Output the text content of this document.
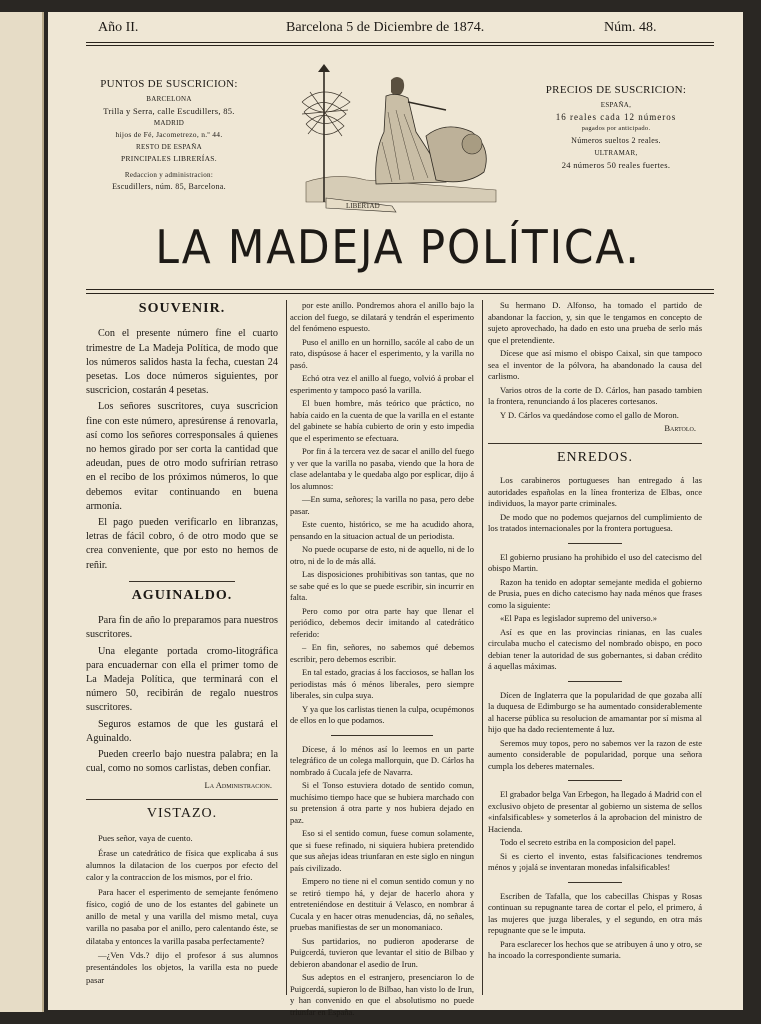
Año II.	Barcelona 5 de Diciembre de 1874.	Núm. 48.
PUNTOS DE SUSCRICION:
BARCELONA
Trilla y Serra, calle Escudillers, 85.
MADRID
hijos de Fé, Jacometrezo, n.º 44.
RESTO DE ESPAÑA
PRINCIPALES LIBRERÍAS.
Redaccion y administracion:
Escudillers, núm. 85, Barcelona.
LIBERTAD
PRECIOS DE SUSCRICION:
ESPAÑA,
16 reales cada 12 números
pagados por anticipado.
Números sueltos 2 reales.
ULTRAMAR,
24 números 50 reales fuertes.
LA MADEJA POLÍTICA.
SOUVENIR.

Con el presente número fine el cuarto trimestre de La Madeja Política, de modo que los números salidos hasta la fecha, cuestan 24 pesetas. Los doce números siguientes, por suscricion, costarán 4 pesetas.

Los señores suscritores, cuya suscricion fine con este número, apresúrense á renovarla, así como los señores corresponsales á quienes no hemos girado por ser corta la cantidad que adeudan, pues de otro modo sufrirían retraso en el recibo de los próximos números, lo que debemos evitar continuando en buena armonía.

El pago pueden verificarlo en libranzas, letras de fácil cobro, ó de otro modo que se crea conveniente, que por esto no hemos de reñir.

AGUINALDO.

Para fin de año lo preparamos para nuestros suscritores.

Una elegante portada cromo-litográfica para encuadernar con ella el primer tomo de La Madeja Política, que terminará con el número 50, recibirán de regalo nuestros suscritores.

Seguros estamos de que les gustará el Aguinaldo.

Pueden creerlo bajo nuestra palabra; en la cual, como no somos carlistas, deben confiar.

La Administracion.
VISTAZO.

Pues señor, vaya de cuento.

Érase un catedrático de física que explicaba á sus alumnos la dilatacion de los cuerpos por efecto del calor y la contraccion de los mismos, por el frio.

Para hacer el esperimento de semejante fenómeno físico, cogió de uno de los estantes del gabinete un anillo de metal y una varilla del mismo metal, cuya varilla no pasaba por el anillo, pero calentando éste, se dilataba y entonces la varilla pasaba perfectamente?

—¿Ven Vds.? dijo el profesor á sus alumnos presentándoles los objetos, la varilla esta no puede pasar

por este anillo. Pondremos ahora el anillo bajo la accion del fuego, se dilatará y tendrán el esperimento del fenómeno espuesto.

Puso el anillo en un hornillo, sacóle al cabo de un rato, dispúsose á hacer el esperimento, y la varilla no pasó.

Echó otra vez el anillo al fuego, volvió á probar el esperimento y tampoco pasó la varilla.

El buen hombre, más teórico que práctico, no había caido en la cuenta de que la varilla en el estante del gabinete se había cubierto de orin y esto impedia que el esperimento se efectuara.

Por fin á la tercera vez de sacar el anillo del fuego y ver que la varilla no pasaba, viendo que la hora de clase adelantaba y le quedaba algo por esplicar, dijo á los alumnos:

—En suma, señores; la varilla no pasa, pero debe pasar.

Este cuento, histórico, se me ha acudido ahora, pensando en la situacion actual de un periodista.

No puede ocuparse de esto, ni de aquello, ni de lo otro, ni de lo de más allá.

Las disposiciones prohibitivas son tantas, que no se sabe qué es lo que se puede escribir, sin incurrir en falta.

Pero como por otra parte hay que llenar el periódico, debemos decir imitando al catedrático referido:

– En fin, señores, no sabemos qué debemos escribir, pero debemos escribir.

En tal estado, gracias á los facciosos, se hallan los periodistas más ó ménos liberales, pero siempre liberales, sin culpa suya.

Y ya que los carlistas tienen la culpa, ocupémonos de ellos en lo que podamos.

Dícese, á lo ménos así lo leemos en un parte telegráfico de un colega mallorquin, que D. Cárlos ha nombrado á Cucala jefe de Navarra.

Si el Tonso estuviera dotado de sentido comun, muchísimo tiempo hace que se hubiera marchado con su pretension á otra parte y nos hubiera dejado en paz.

Eso si el sentido comun, fuese comun solamente, que si fuese refinado, ni siquiera hubiera pretendido que sus añejas ideas triunfaran en este siglo en ningun país civilizado.

Empero no tiene ni el comun sentido comun y no se retiró tiempo há, y dejar de hacerlo ahora y entreteniéndose en destituir á Velasco, en nombrar á Cucala y en hacer otras menudencias, dá, no señales, pruebas manifiestas de ser un monomaniaco.

Sus partidarios, no pudieron apoderarse de Puigcerdá, tuvieron que levantar el sitio de Bilbao y debieron abandonar el asedio de Irun.

Sus adeptos en el estranjero, presenciaron lo de Puigcerdá, supieron lo de Bilbao, han visto lo de Irun, y han convenido en que el absolutismo no puede triunfar en España.

Su hermano D. Alfonso, ha tomado el partido de abandonar la faccion, y, sin que le tengamos en concepto de sujeto aprovechado, ha dado en esto una prueba de serlo más que el pretendiente.

Dícese que así mismo el obispo Caixal, sin que tampoco sea el inventor de la pólvora, ha abandonado la causa del carlismo.

Varios otros de la corte de D. Cárlos, han pasado tambien la frontera, renunciando á los placeres cortesanos.

Y D. Cárlos va quedándose como el gallo de Moron.

Bartolo.
ENREDOS.

Los carabineros portugueses han entregado á las autoridades españolas en la línea fronteriza de Elbas, once individuos, la mayor parte criminales.

De modo que no podemos quejarnos del cumplimiento de los tratados internacionales por la frontera portuguesa.

El gobierno prusiano ha prohibido el uso del catecismo del obispo Martin.

Razon ha tenido en adoptar semejante medida el gobierno de Prusia, pues en dicho catecismo hay nada ménos que frases como la siguiente:

«El Papa es legislador supremo del universo.»

Así es que en las provincias rinianas, en las cuales circulaba mucho el catecismo del nombrado obispo, en poco debian tener la autoridad de sus gobernantes, si daban crédito á aquellas máximas.

Dícen de Inglaterra que la popularidad de que gozaba allí la duquesa de Edimburgo se ha aumentado considerablemente al hacerse pública su resolucion de amamantar por sí misma al hijo que ha dado recientemente á luz.

Seremos muy topos, pero no sabemos ver la razon de este aumento considerable de popularidad, porque una señora cumpla los deberes maternales.

El grabador belga Van Erbegon, ha llegado á Madrid con el exclusivo objeto de presentar al gobierno un sistema de sellos «infalsificables» y someterlos á la aprobacion del ministro de Hacienda.

Todo el secreto estriba en la composicion del papel.

Si es cierto el invento, estas falsificaciones tendremos ménos y ¡ojalá se inventaran monedas infalsificables!

Escriben de Tafalla, que los cabecillas Chispas y Rosas continuan su repugnante tarea de cortar el pelo, el primero, á las mujeres que juzga liberales, y el segundo, en otra más repugnante que se le imputa.

Para esclarecer los hechos que se atribuyen á uno y otro, se ha incoado la correspondiente sumaria.
